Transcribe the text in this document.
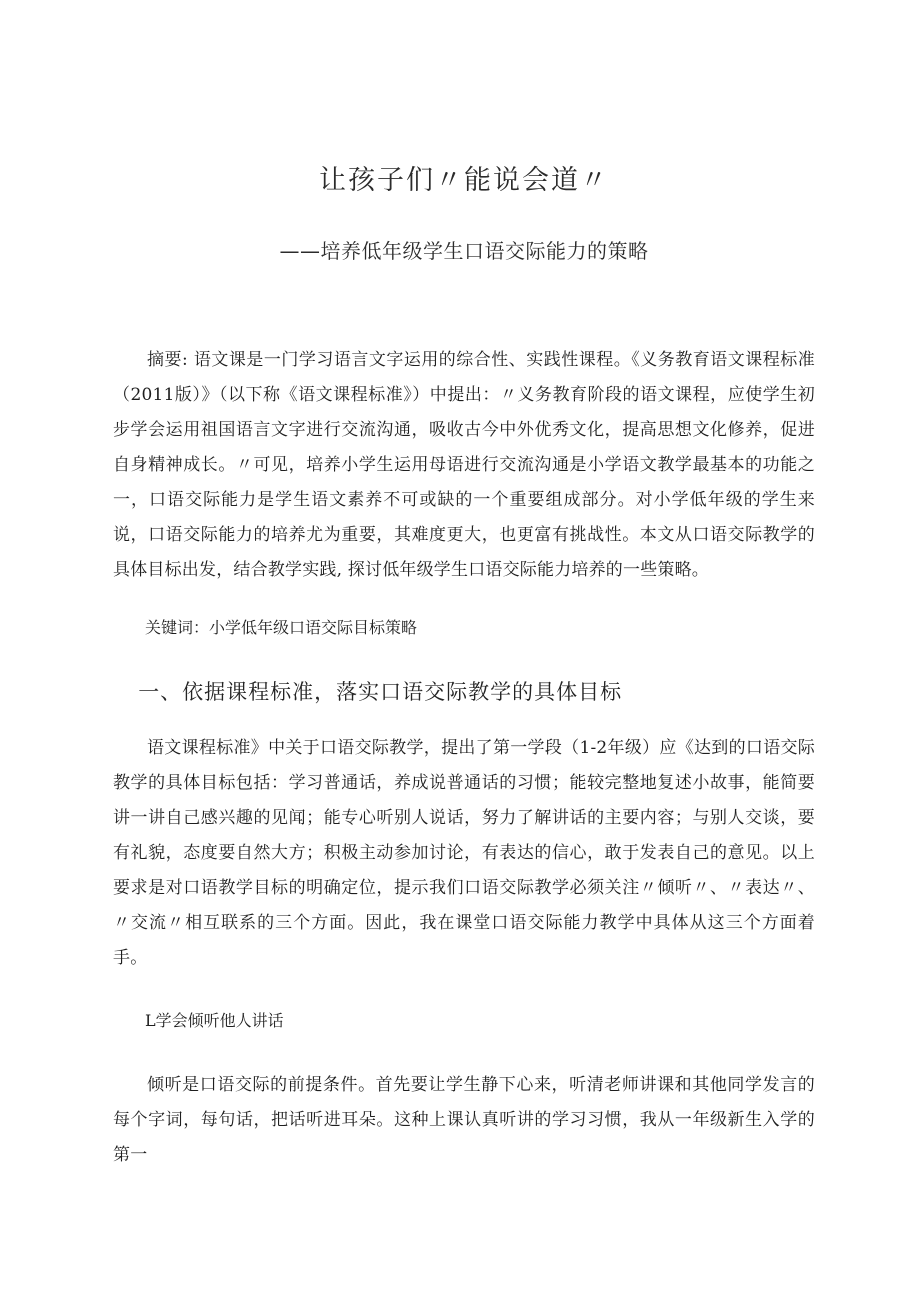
让孩子们〃能说会道〃

——培养低年级学生口语交际能力的策略

摘要: 语文课是一门学习语言文字运用的综合性、实践性课程。《义务教育语文课程标准（2011版）》（以下称《语文课程标准》）中提出：〃义务教育阶段的语文课程，应使学生初步学会运用祖国语言文字进行交流沟通，吸收古今中外优秀文化，提高思想文化修养，促进自身精神成长。〃可见，培养小学生运用母语进行交流沟通是小学语文教学最基本的功能之一，口语交际能力是学生语文素养不可或缺的一个重要组成部分。对小学低年级的学生来说，口语交际能力的培养尤为重要，其难度更大，也更富有挑战性。本文从口语交际教学的具体目标出发，结合教学实践, 探讨低年级学生口语交际能力培养的一些策略。

关键词：小学低年级口语交际目标策略

一、依据课程标准，落实口语交际教学的具体目标

语文课程标准》中关于口语交际教学，提出了第一学段（1-2年级）应《达到的口语交际教学的具体目标包括：学习普通话，养成说普通话的习惯；能较完整地复述小故事，能简要讲一讲自己感兴趣的见闻；能专心听别人说话，努力了解讲话的主要内容；与别人交谈，要有礼貌，态度要自然大方；积极主动参加讨论，有表达的信心，敢于发表自己的意见。以上要求是对口语教学目标的明确定位，提示我们口语交际教学必须关注〃倾听〃、〃表达〃、〃交流〃相互联系的三个方面。因此，我在课堂口语交际能力教学中具体从这三个方面着手。

L学会倾听他人讲话

倾听是口语交际的前提条件。首先要让学生静下心来，听清老师讲课和其他同学发言的每个字词，每句话，把话听进耳朵。这种上课认真听讲的学习习惯，我从一年级新生入学的第一
